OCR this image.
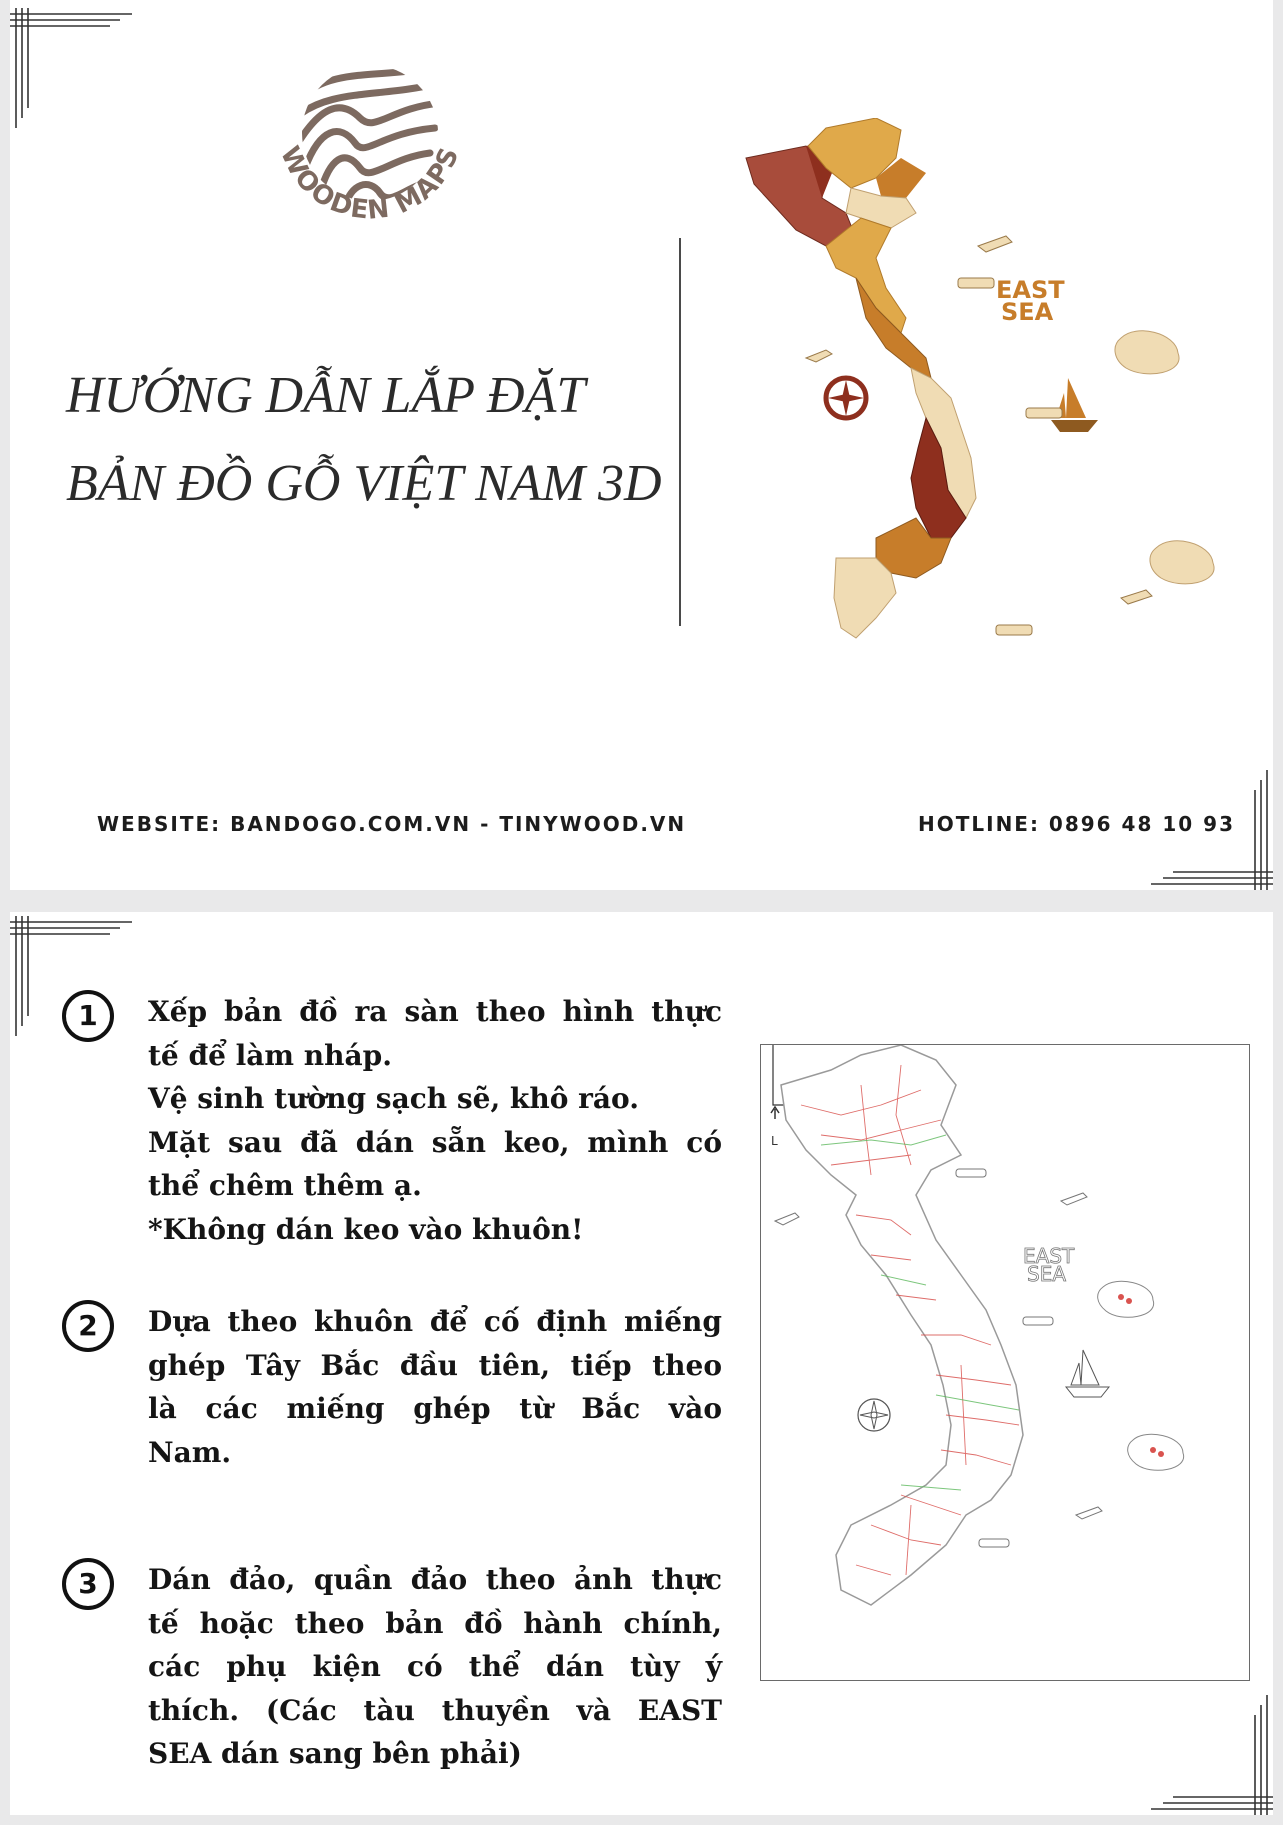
WOODEN MAPS
HƯỚNG DẪN LẮP ĐẶT
BẢN ĐỒ GỖ VIỆT NAM 3D
EAST
SEA
WEBSITE: BANDOGO.COM.VN - TINYWOOD.VN	HOTLINE: 0896 48 10 93
1	Xếp bản đồ ra sàn theo hình thực

tế để làm nháp.

Vệ sinh tường sạch sẽ, khô ráo.

Mặt sau đã dán sẵn keo, mình có

thể chêm thêm ạ.

*Không dán keo vào khuôn!

2	Dựa theo khuôn để cố định miếng

ghép Tây Bắc đầu tiên, tiếp theo

là các miếng ghép từ Bắc vào

Nam.

3	Dán đảo, quần đảo theo ảnh thực

tế hoặc theo bản đồ hành chính,

các phụ kiện có thể dán tùy ý

thích. (Các tàu thuyền và EAST

SEA dán sang bên phải)

L
EAST
SEA
